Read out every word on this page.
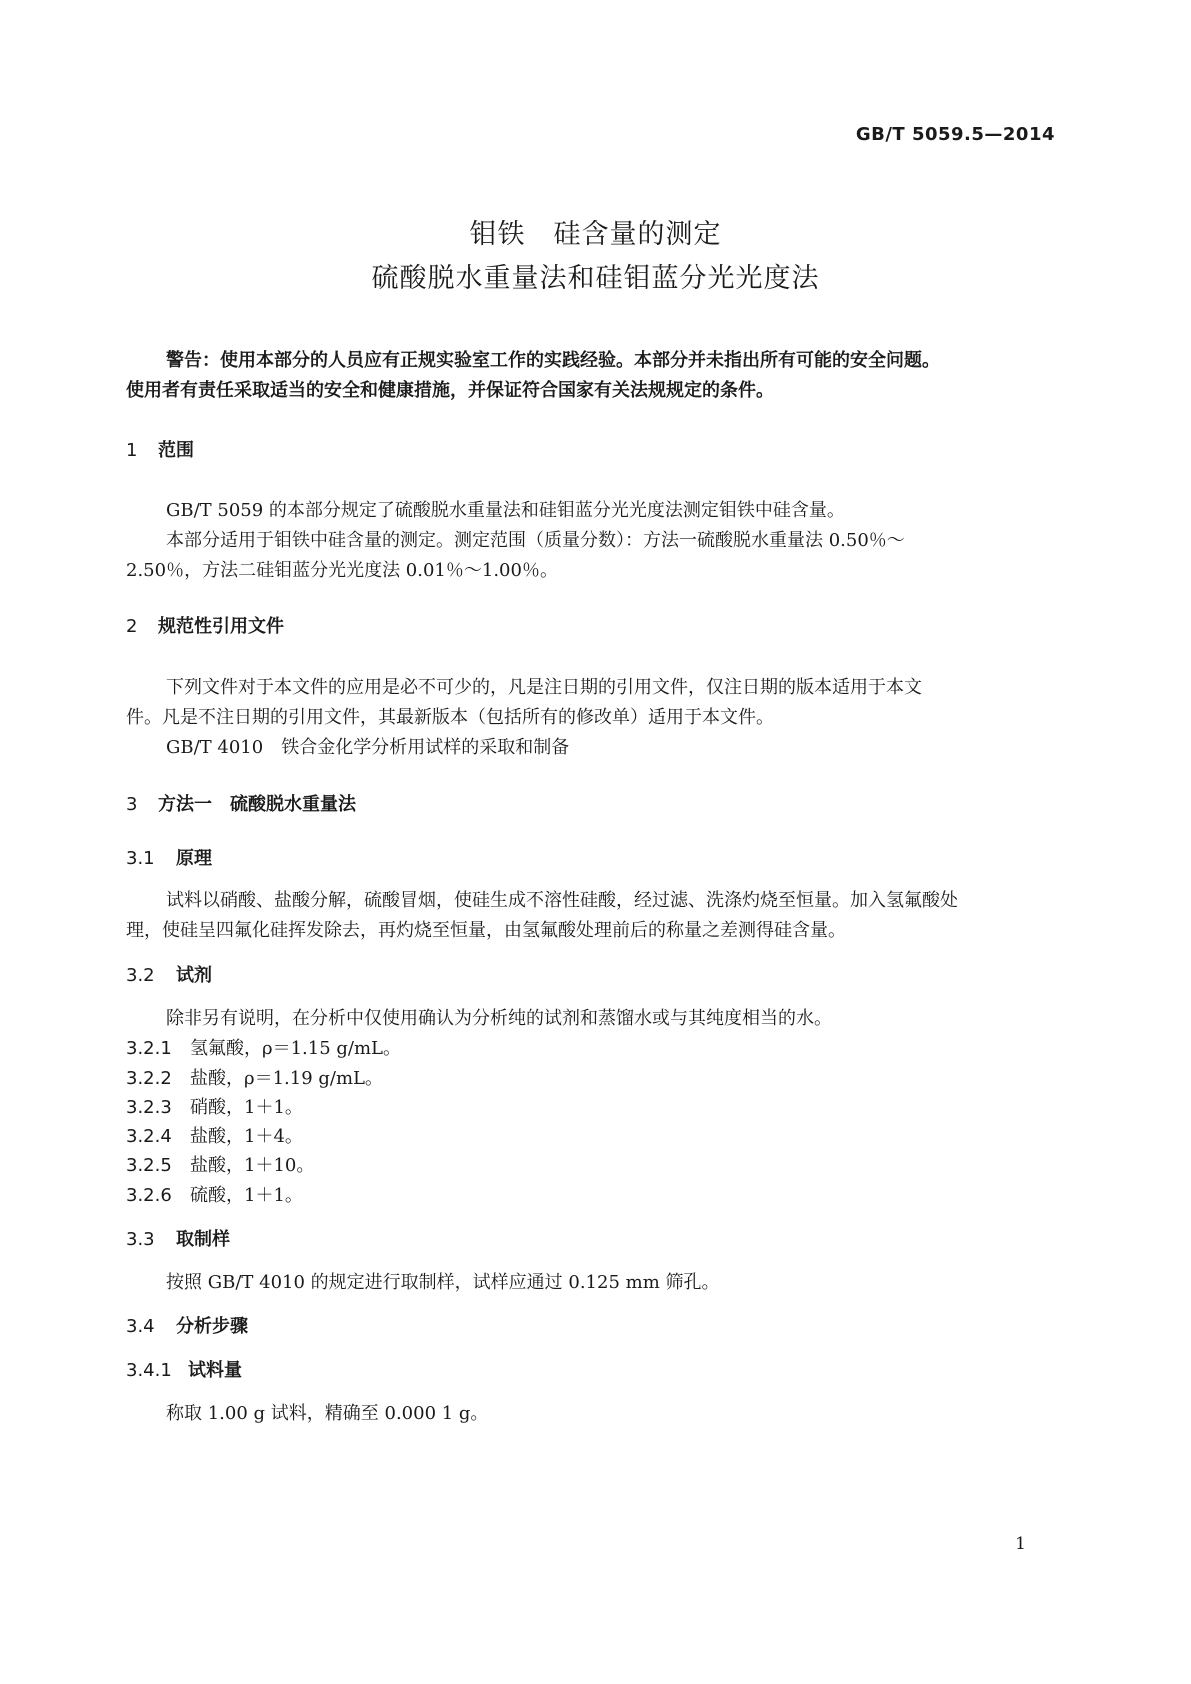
GB/T 5059.5—2014
钼铁　硅含量的测定
硫酸脱水重量法和硅钼蓝分光光度法
警告：使用本部分的人员应有正规实验室工作的实践经验。本部分并未指出所有可能的安全问题。
使用者有责任采取适当的安全和健康措施，并保证符合国家有关法规规定的条件。
1 范围
GB/T 5059 的本部分规定了硫酸脱水重量法和硅钼蓝分光光度法测定钼铁中硅含量。
本部分适用于钼铁中硅含量的测定。测定范围（质量分数）：方法一硫酸脱水重量法 0.50％～
2.50％，方法二硅钼蓝分光光度法 0.01％～1.00％。
2 规范性引用文件
下列文件对于本文件的应用是必不可少的，凡是注日期的引用文件，仅注日期的版本适用于本文
件。凡是不注日期的引用文件，其最新版本（包括所有的修改单）适用于本文件。
GB/T 4010　铁合金化学分析用试样的采取和制备
3 方法一　硫酸脱水重量法
3.1 原理
试料以硝酸、盐酸分解，硫酸冒烟，使硅生成不溶性硅酸，经过滤、洗涤灼烧至恒量。加入氢氟酸处
理，使硅呈四氟化硅挥发除去，再灼烧至恒量，由氢氟酸处理前后的称量之差测得硅含量。
3.2 试剂
除非另有说明，在分析中仅使用确认为分析纯的试剂和蒸馏水或与其纯度相当的水。
3.2.1 氢氟酸，ρ＝1.15 g/mL。
3.2.2 盐酸，ρ＝1.19 g/mL。
3.2.3 硝酸，1＋1。
3.2.4 盐酸，1＋4。
3.2.5 盐酸，1＋10。
3.2.6 硫酸，1＋1。
3.3 取制样
按照 GB/T 4010 的规定进行取制样，试样应通过 0.125 mm 筛孔。
3.4 分析步骤
3.4.1 试料量
称取 1.00 g 试料，精确至 0.000 1 g。
1
